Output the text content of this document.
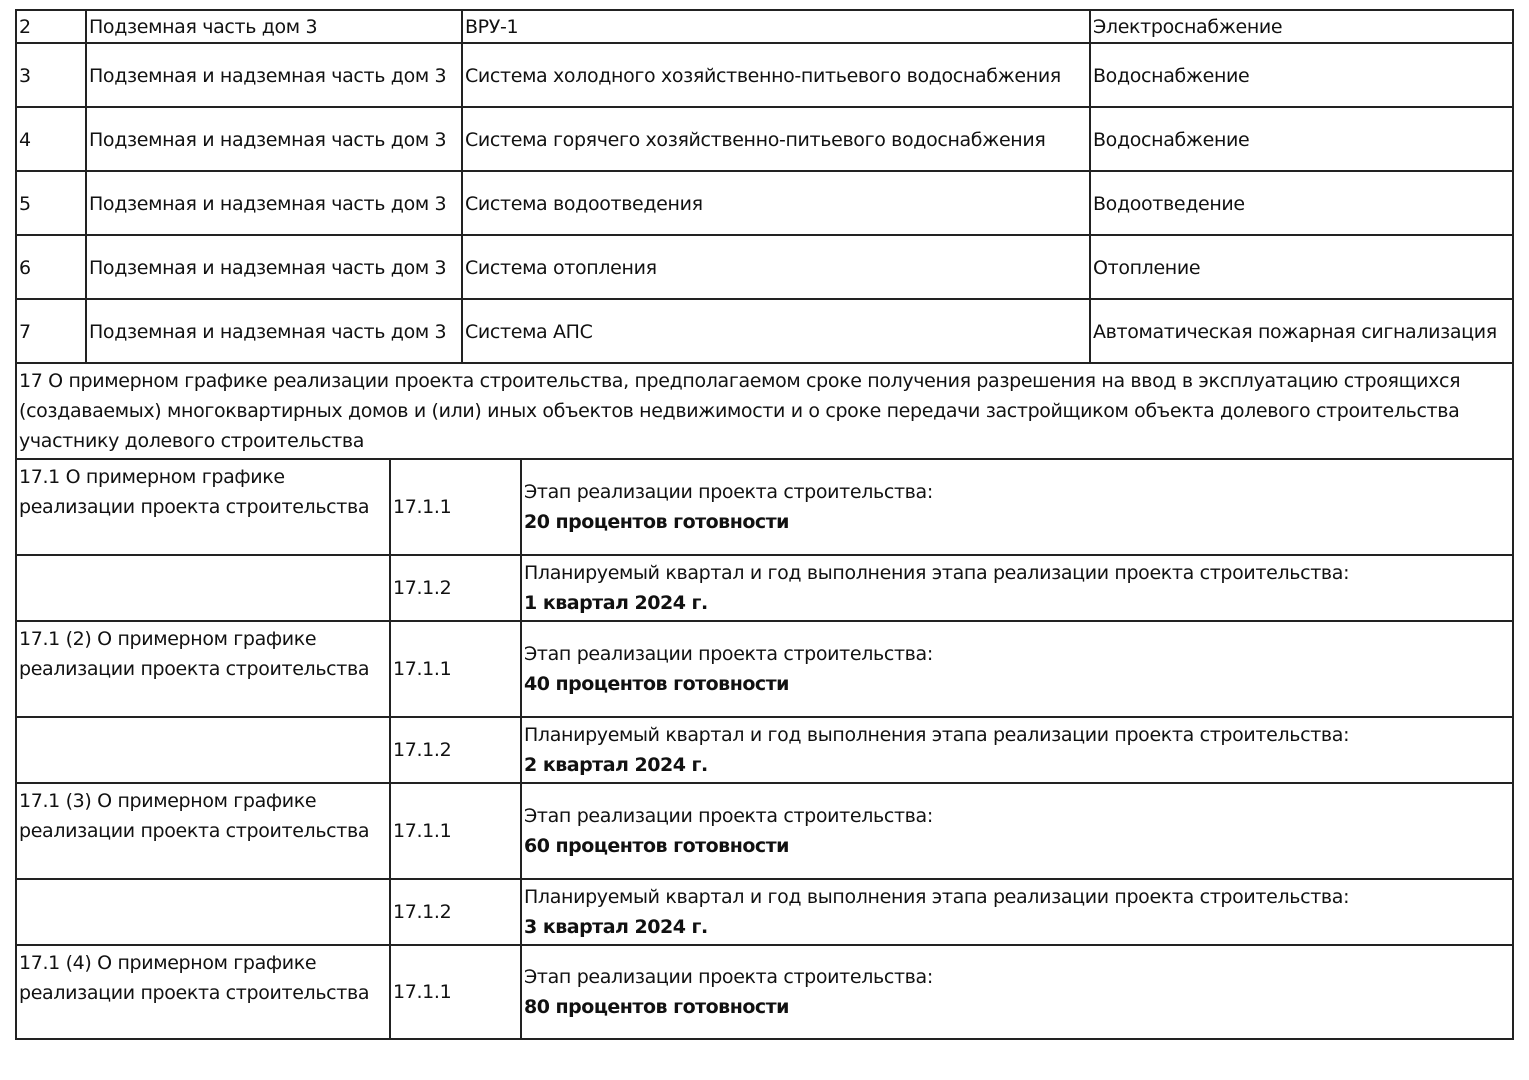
2	Подземная часть дом 3	ВРУ-1	Электроснабжение
3	Подземная и надземная часть дом 3	Система холодного хозяйственно-питьевого водоснабжения	Водоснабжение
4	Подземная и надземная часть дом 3	Система горячего хозяйственно-питьевого водоснабжения	Водоснабжение
5	Подземная и надземная часть дом 3	Система водоотведения	Водоотведение
6	Подземная и надземная часть дом 3	Система отопления	Отопление
7	Подземная и надземная часть дом 3	Система АПС	Автоматическая пожарная сигнализация
17 О примерном графике реализации проекта строительства, предполагаемом сроке получения разрешения на ввод в эксплуатацию строящихся (создаваемых) многоквартирных домов и (или) иных объектов недвижимости и о сроке передачи застройщиком объекта долевого строительства участнику долевого строительства		
17.1 О примерном графике реализации проекта строительства	17.1.1	Этап реализации проекта строительства:
20 процентов готовности

	17.1.2	Планируемый квартал и год выполнения этапа реализации проекта строительства:
1 квартал 2024 г.

17.1 (2) О примерном графике реализации проекта строительства	17.1.1	Этап реализации проекта строительства:
40 процентов готовности

	17.1.2	Планируемый квартал и год выполнения этапа реализации проекта строительства:
2 квартал 2024 г.

17.1 (3) О примерном графике реализации проекта строительства	17.1.1	Этап реализации проекта строительства:
60 процентов готовности

	17.1.2	Планируемый квартал и год выполнения этапа реализации проекта строительства:
3 квартал 2024 г.

17.1 (4) О примерном графике реализации проекта строительства	17.1.1	Этап реализации проекта строительства:
80 процентов готовности
